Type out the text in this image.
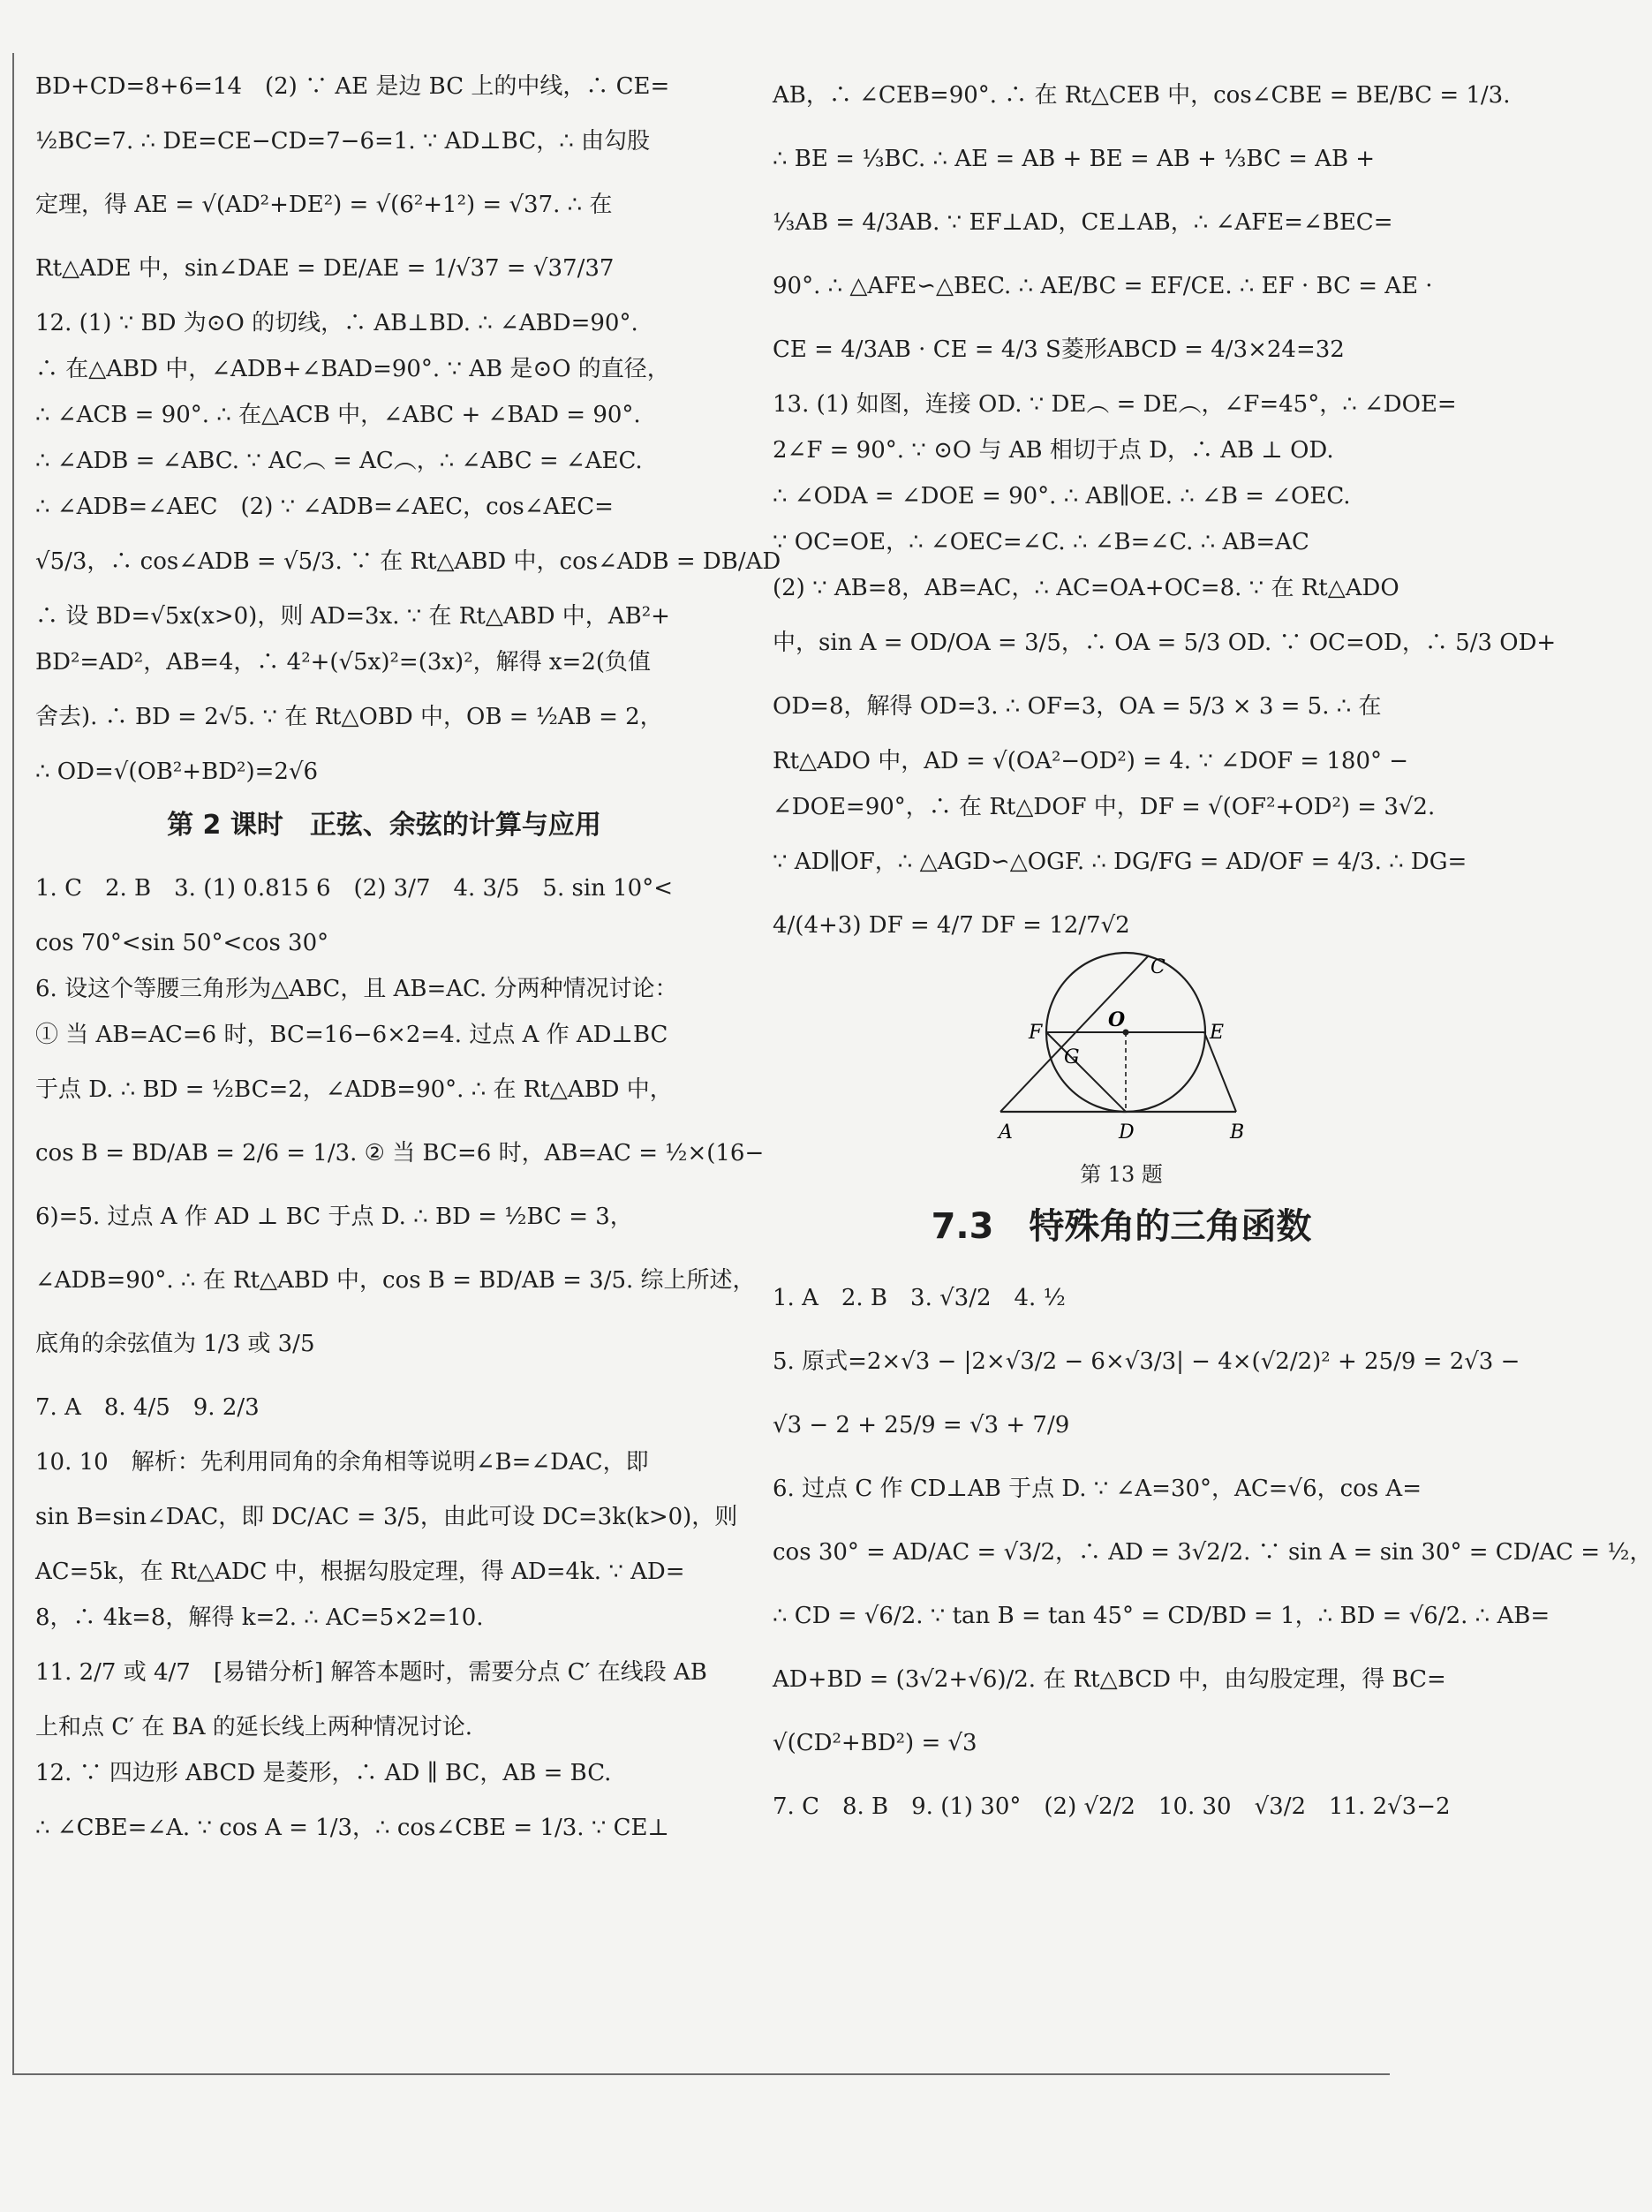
BD+CD=8+6=14　(2) ∵ AE 是边 BC 上的中线，∴ CE=
½BC=7. ∴ DE=CE−CD=7−6=1. ∵ AD⊥BC，∴ 由勾股
定理，得 AE = √(AD²+DE²) = √(6²+1²) = √37. ∴ 在
Rt△ADE 中，sin∠DAE = DE/AE = 1/√37 = √37/37
12. (1) ∵ BD 为⊙O 的切线，∴ AB⊥BD. ∴ ∠ABD=90°.
∴ 在△ABD 中，∠ADB+∠BAD=90°. ∵ AB 是⊙O 的直径，
∴ ∠ACB = 90°. ∴ 在△ACB 中，∠ABC + ∠BAD = 90°.
∴ ∠ADB = ∠ABC. ∵ AC︵ = AC︵，∴ ∠ABC = ∠AEC.
∴ ∠ADB=∠AEC　(2) ∵ ∠ADB=∠AEC，cos∠AEC=
√5/3，∴ cos∠ADB = √5/3. ∵ 在 Rt△ABD 中，cos∠ADB = DB/AD
∴ 设 BD=√5x(x>0)，则 AD=3x. ∵ 在 Rt△ABD 中，AB²+
BD²=AD²，AB=4，∴ 4²+(√5x)²=(3x)²，解得 x=2(负值
舍去). ∴ BD = 2√5. ∵ 在 Rt△OBD 中，OB = ½AB = 2，
∴ OD=√(OB²+BD²)=2√6
第 2 课时　正弦、余弦的计算与应用
1. C　2. B　3. (1) 0.815 6　(2) 3/7　4. 3/5　5. sin 10°<
cos 70°<sin 50°<cos 30°
6. 设这个等腰三角形为△ABC，且 AB=AC. 分两种情况讨论：
① 当 AB=AC=6 时，BC=16−6×2=4. 过点 A 作 AD⊥BC
于点 D. ∴ BD = ½BC=2，∠ADB=90°. ∴ 在 Rt△ABD 中，
cos B = BD/AB = 2/6 = 1/3. ② 当 BC=6 时，AB=AC = ½×(16−
6)=5. 过点 A 作 AD ⊥ BC 于点 D. ∴ BD = ½BC = 3，
∠ADB=90°. ∴ 在 Rt△ABD 中，cos B = BD/AB = 3/5. 综上所述，
底角的余弦值为 1/3 或 3/5
7. A　8. 4/5　9. 2/3
10. 10　解析：先利用同角的余角相等说明∠B=∠DAC，即
sin B=sin∠DAC，即 DC/AC = 3/5，由此可设 DC=3k(k>0)，则
AC=5k，在 Rt△ADC 中，根据勾股定理，得 AD=4k. ∵ AD=
8，∴ 4k=8，解得 k=2. ∴ AC=5×2=10.
11. 2/7 或 4/7　[易错分析] 解答本题时，需要分点 C′ 在线段 AB
上和点 C′ 在 BA 的延长线上两种情况讨论.
12. ∵ 四边形 ABCD 是菱形，∴ AD ∥ BC，AB = BC.
∴ ∠CBE=∠A. ∵ cos A = 1/3，∴ cos∠CBE = 1/3. ∵ CE⊥
AB，∴ ∠CEB=90°. ∴ 在 Rt△CEB 中，cos∠CBE = BE/BC = 1/3.
∴ BE = ⅓BC. ∴ AE = AB + BE = AB + ⅓BC = AB +
⅓AB = 4/3AB. ∵ EF⊥AD，CE⊥AB，∴ ∠AFE=∠BEC=
90°. ∴ △AFE∽△BEC. ∴ AE/BC = EF/CE. ∴ EF · BC = AE ·
CE = 4/3AB · CE = 4/3 S菱形ABCD = 4/3×24=32
13. (1) 如图，连接 OD. ∵ DE︵ = DE︵，∠F=45°，∴ ∠DOE=
2∠F = 90°. ∵ ⊙O 与 AB 相切于点 D，∴ AB ⊥ OD.
∴ ∠ODA = ∠DOE = 90°. ∴ AB∥OE. ∴ ∠B = ∠OEC.
∵ OC=OE，∴ ∠OEC=∠C. ∴ ∠B=∠C. ∴ AB=AC
(2) ∵ AB=8，AB=AC，∴ AC=OA+OC=8. ∵ 在 Rt△ADO
中，sin A = OD/OA = 3/5，∴ OA = 5/3 OD. ∵ OC=OD，∴ 5/3 OD+
OD=8，解得 OD=3. ∴ OF=3，OA = 5/3 × 3 = 5. ∴ 在
Rt△ADO 中，AD = √(OA²−OD²) = 4. ∵ ∠DOF = 180° −
∠DOE=90°，∴ 在 Rt△DOF 中，DF = √(OF²+OD²) = 3√2.
∵ AD∥OF，∴ △AGD∽△OGF. ∴ DG/FG = AD/OF = 4/3. ∴ DG=
4/(4+3) DF = 4/7 DF = 12/7√2
A	D	B
F	E
C
O
G
第 13 题
7.3　特殊角的三角函数
1. A　2. B　3. √3/2　4. ½
5. 原式=2×√3 − |2×√3/2 − 6×√3/3| − 4×(√2/2)² + 25/9 = 2√3 −
√3 − 2 + 25/9 = √3 + 7/9
6. 过点 C 作 CD⊥AB 于点 D. ∵ ∠A=30°，AC=√6，cos A=
cos 30° = AD/AC = √3/2，∴ AD = 3√2/2. ∵ sin A = sin 30° = CD/AC = ½，
∴ CD = √6/2. ∵ tan B = tan 45° = CD/BD = 1，∴ BD = √6/2. ∴ AB=
AD+BD = (3√2+√6)/2. 在 Rt△BCD 中，由勾股定理，得 BC=
√(CD²+BD²) = √3
7. C　8. B　9. (1) 30°　(2) √2/2　10. 30　√3/2　11. 2√3−2
